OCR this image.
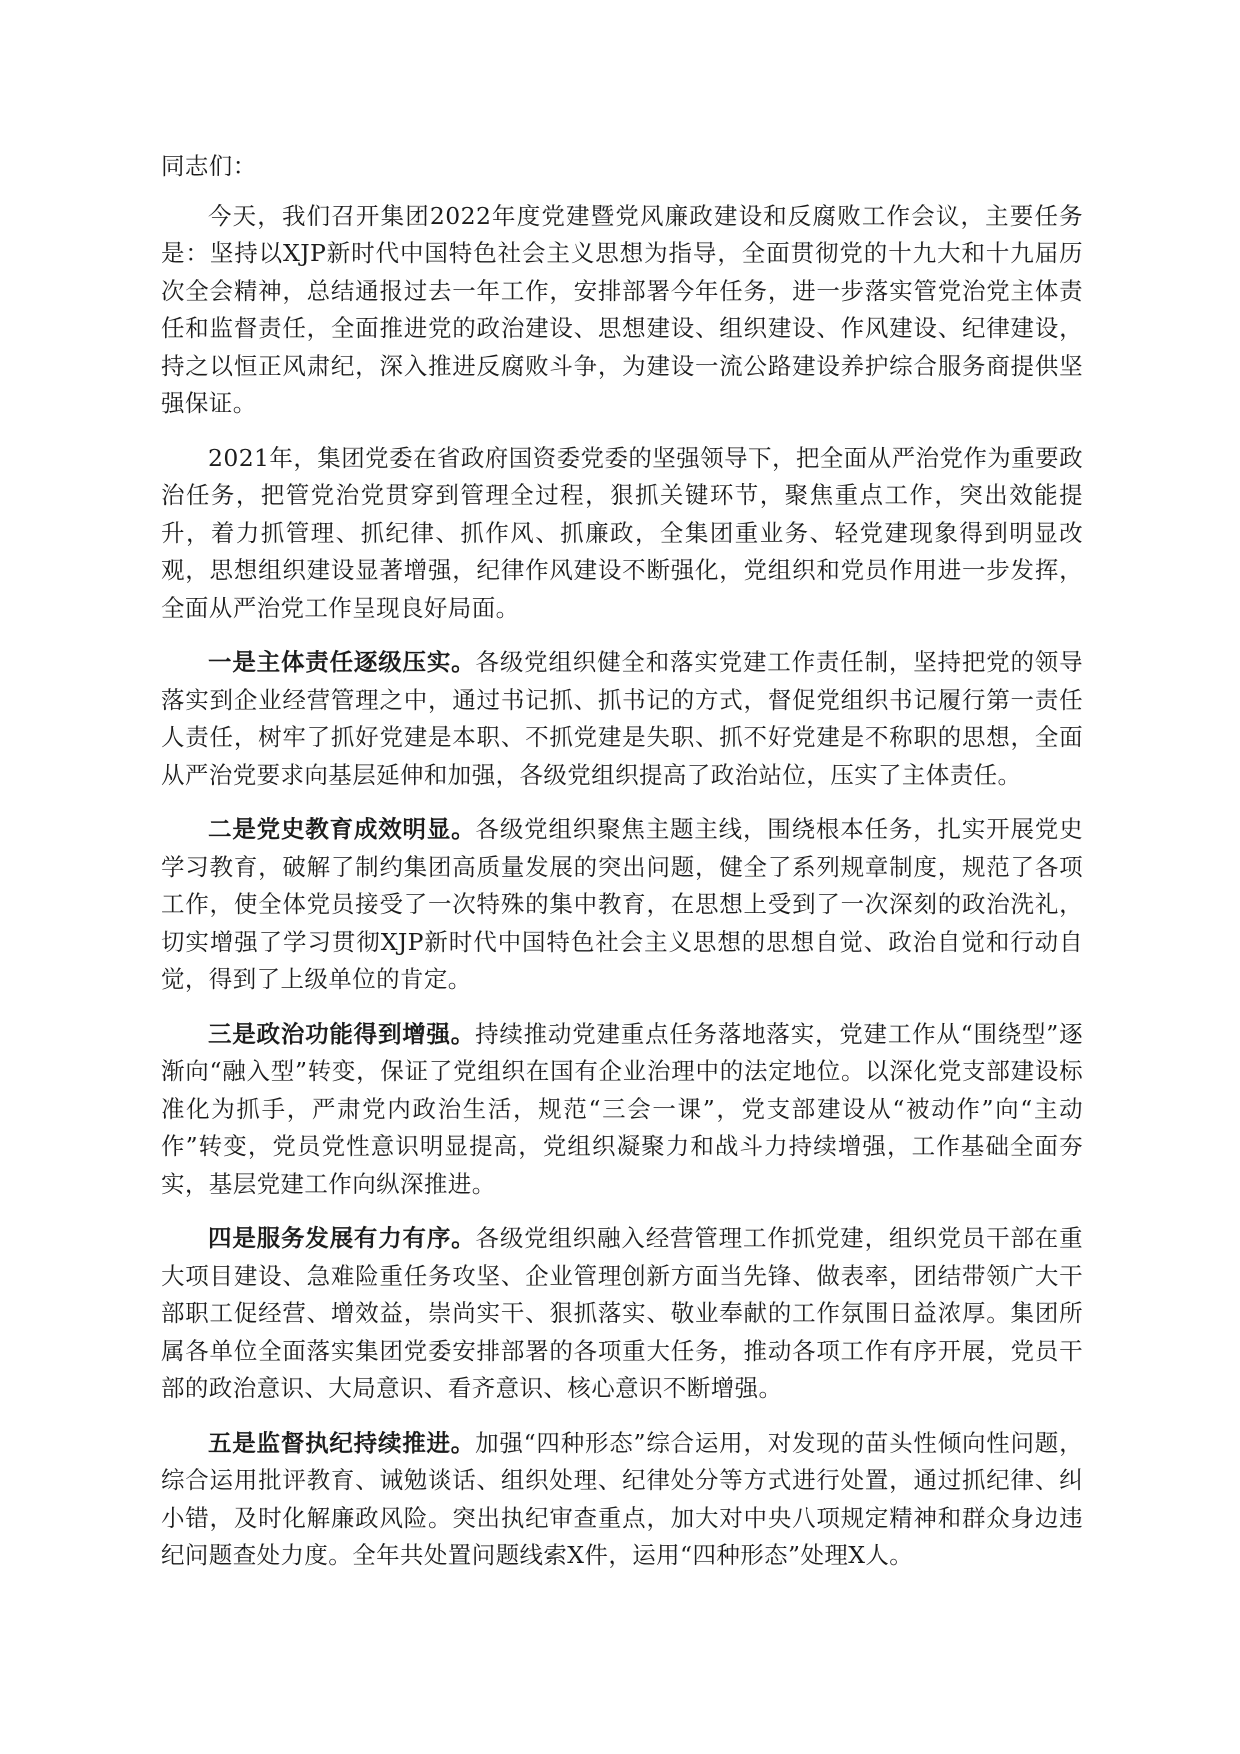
同志们：

今天，我们召开集团2022年度党建暨党风廉政建设和反腐败工作会议，主要任务是：坚持以XJP新时代中国特色社会主义思想为指导，全面贯彻党的十九大和十九届历次全会精神，总结通报过去一年工作，安排部署今年任务，进一步落实管党治党主体责任和监督责任，全面推进党的政治建设、思想建设、组织建设、作风建设、纪律建设，持之以恒正风肃纪，深入推进反腐败斗争，为建设一流公路建设养护综合服务商提供坚强保证。

2021年，集团党委在省政府国资委党委的坚强领导下，把全面从严治党作为重要政治任务，把管党治党贯穿到管理全过程，狠抓关键环节，聚焦重点工作，突出效能提升，着力抓管理、抓纪律、抓作风、抓廉政，全集团重业务、轻党建现象得到明显改观，思想组织建设显著增强，纪律作风建设不断强化，党组织和党员作用进一步发挥，全面从严治党工作呈现良好局面。

一是主体责任逐级压实。各级党组织健全和落实党建工作责任制，坚持把党的领导落实到企业经营管理之中，通过书记抓、抓书记的方式，督促党组织书记履行第一责任人责任，树牢了抓好党建是本职、不抓党建是失职、抓不好党建是不称职的思想，全面从严治党要求向基层延伸和加强，各级党组织提高了政治站位，压实了主体责任。

二是党史教育成效明显。各级党组织聚焦主题主线，围绕根本任务，扎实开展党史学习教育，破解了制约集团高质量发展的突出问题，健全了系列规章制度，规范了各项工作，使全体党员接受了一次特殊的集中教育，在思想上受到了一次深刻的政治洗礼，切实增强了学习贯彻XJP新时代中国特色社会主义思想的思想自觉、政治自觉和行动自觉，得到了上级单位的肯定。

三是政治功能得到增强。持续推动党建重点任务落地落实，党建工作从“围绕型”逐渐向“融入型”转变，保证了党组织在国有企业治理中的法定地位。以深化党支部建设标准化为抓手，严肃党内政治生活，规范“三会一课”，党支部建设从“被动作”向“主动作”转变，党员党性意识明显提高，党组织凝聚力和战斗力持续增强，工作基础全面夯实，基层党建工作向纵深推进。

四是服务发展有力有序。各级党组织融入经营管理工作抓党建，组织党员干部在重大项目建设、急难险重任务攻坚、企业管理创新方面当先锋、做表率，团结带领广大干部职工促经营、增效益，崇尚实干、狠抓落实、敬业奉献的工作氛围日益浓厚。集团所属各单位全面落实集团党委安排部署的各项重大任务，推动各项工作有序开展，党员干部的政治意识、大局意识、看齐意识、核心意识不断增强。

五是监督执纪持续推进。加强“四种形态”综合运用，对发现的苗头性倾向性问题，综合运用批评教育、诫勉谈话、组织处理、纪律处分等方式进行处置，通过抓纪律、纠小错，及时化解廉政风险。突出执纪审查重点，加大对中央八项规定精神和群众身边违纪问题查处力度。全年共处置问题线索X件，运用“四种形态”处理X人。
